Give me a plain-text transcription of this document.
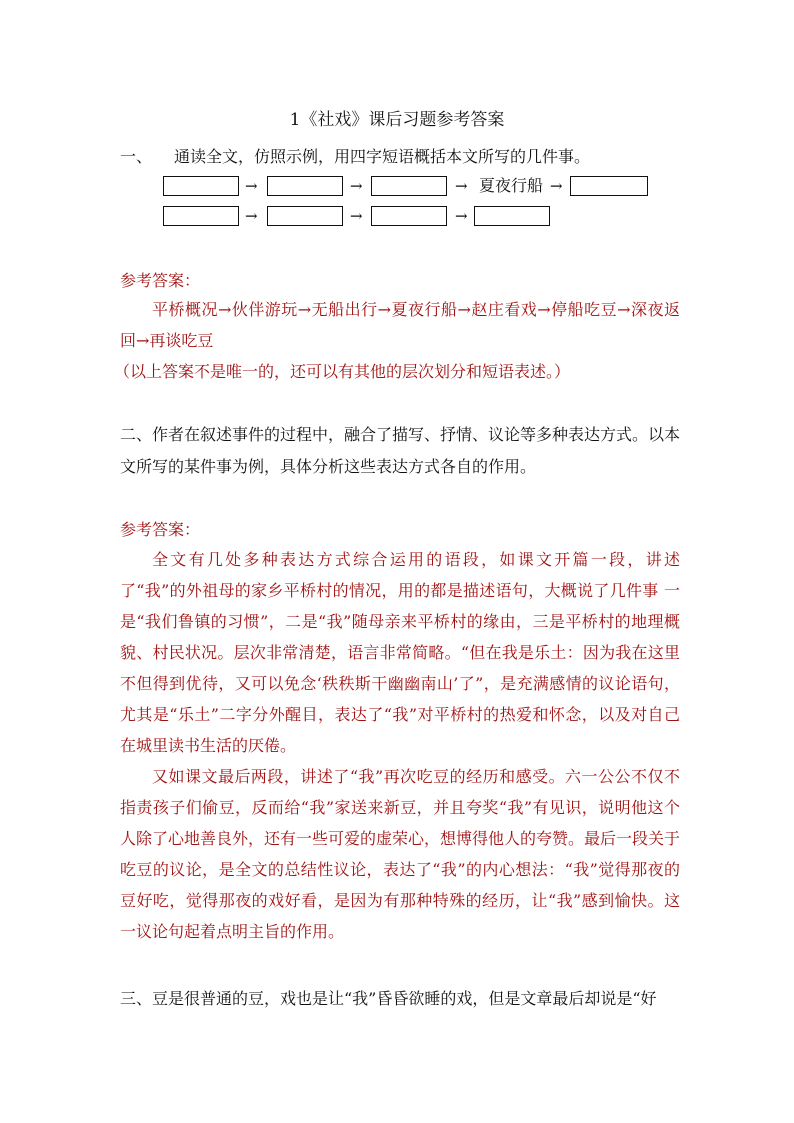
1《社戏》课后习题参考答案
一、 通读全文，仿照示例，用四字短语概括本文所写的几件事。
→	→	→ 夏夜行船 →
→	→	→
参考答案：

平桥概况→伙伴游玩→无船出行→夏夜行船→赵庄看戏→停船吃豆→深夜返回→再谈吃豆

（以上答案不是唯一的，还可以有其他的层次划分和短语表述。）
二、作者在叙述事件的过程中，融合了描写、抒情、议论等多种表达方式。以本文所写的某件事为例，具体分析这些表达方式各自的作用。
参考答案：

全文有几处多种表达方式综合运用的语段，如课文开篇一段，讲述了“我”的外祖母的家乡平桥村的情况，用的都是描述语句，大概说了几件事 一是“我们鲁镇的习惯”，二是“我”随母亲来平桥村的缘由，三是平桥村的地理概貌、村民状况。层次非常清楚，语言非常简略。“但在我是乐土：因为我在这里不但得到优待，又可以免念‘秩秩斯干幽幽南山’了”，是充满感情的议论语句，尤其是“乐土”二字分外醒目，表达了“我”对平桥村的热爱和怀念，以及对自己在城里读书生活的厌倦。

又如课文最后两段，讲述了“我”再次吃豆的经历和感受。六一公公不仅不指责孩子们偷豆，反而给“我”家送来新豆，并且夸奖“我”有见识，说明他这个人除了心地善良外，还有一些可爱的虚荣心，想博得他人的夸赞。最后一段关于吃豆的议论，是全文的总结性议论，表达了“我”的内心想法：“我”觉得那夜的豆好吃，觉得那夜的戏好看，是因为有那种特殊的经历，让“我”感到愉快。这一议论句起着点明主旨的作用。

三、豆是很普通的豆，戏也是让“我”昏昏欲睡的戏，但是文章最后却说是“好
